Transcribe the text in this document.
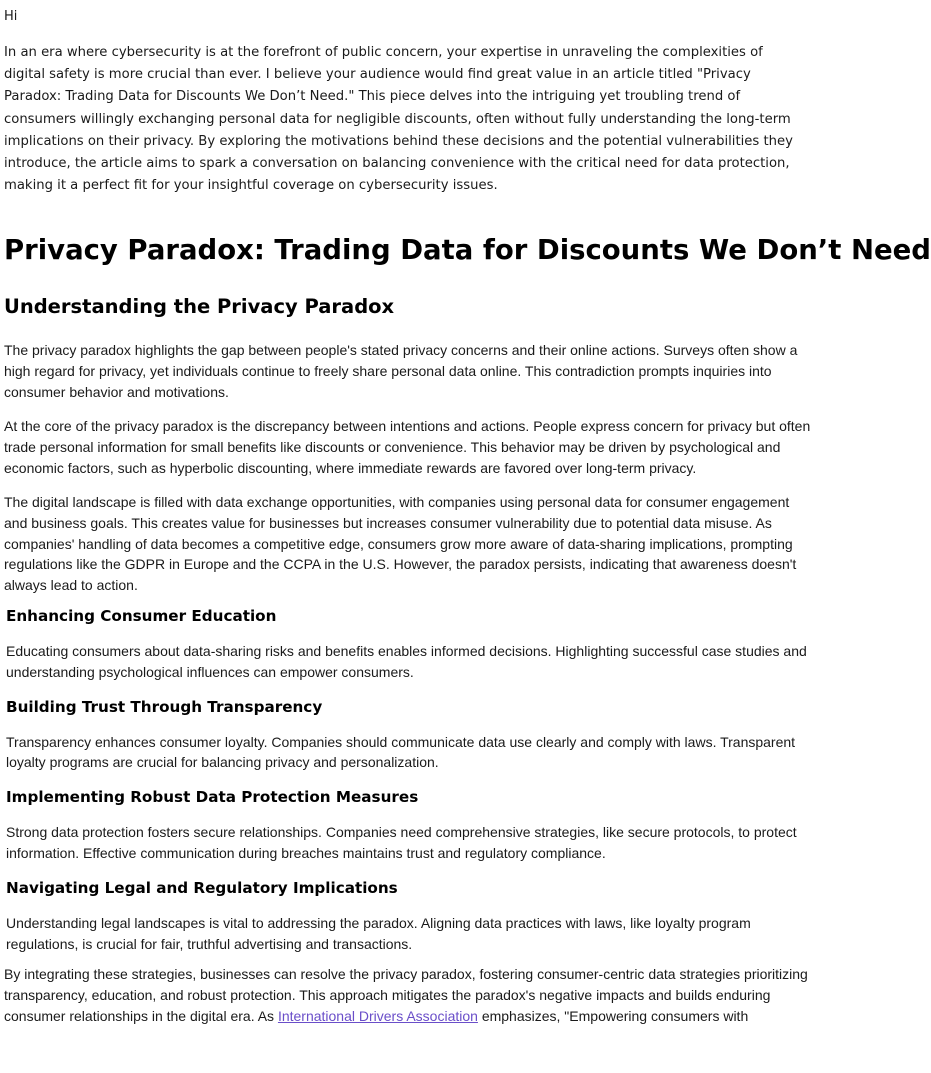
Hi

In an era where cybersecurity is at the forefront of public concern, your expertise in unraveling the complexities of digital safety is more crucial than ever. I believe your audience would find great value in an article titled "Privacy Paradox: Trading Data for Discounts We Don’t Need." This piece delves into the intriguing yet troubling trend of consumers willingly exchanging personal data for negligible discounts, often without fully understanding the long-term implications on their privacy. By exploring the motivations behind these decisions and the potential vulnerabilities they introduce, the article aims to spark a conversation on balancing convenience with the critical need for data protection, making it a perfect fit for your insightful coverage on cybersecurity issues.

Privacy Paradox: Trading Data for Discounts We Don’t Need
Understanding the Privacy Paradox

The privacy paradox highlights the gap between people's stated privacy concerns and their online actions. Surveys often show a high regard for privacy, yet individuals continue to freely share personal data online. This contradiction prompts inquiries into consumer behavior and motivations.

At the core of the privacy paradox is the discrepancy between intentions and actions. People express concern for privacy but often trade personal information for small benefits like discounts or convenience. This behavior may be driven by psychological and economic factors, such as hyperbolic discounting, where immediate rewards are favored over long-term privacy.

The digital landscape is filled with data exchange opportunities, with companies using personal data for consumer engagement and business goals. This creates value for businesses but increases consumer vulnerability due to potential data misuse. As companies' handling of data becomes a competitive edge, consumers grow more aware of data-sharing implications, prompting regulations like the GDPR in Europe and the CCPA in the U.S. However, the paradox persists, indicating that awareness doesn't always lead to action.

Enhancing Consumer Education

Educating consumers about data-sharing risks and benefits enables informed decisions. Highlighting successful case studies and understanding psychological influences can empower consumers.

Building Trust Through Transparency

Transparency enhances consumer loyalty. Companies should communicate data use clearly and comply with laws. Transparent loyalty programs are crucial for balancing privacy and personalization.

Implementing Robust Data Protection Measures

Strong data protection fosters secure relationships. Companies need comprehensive strategies, like secure protocols, to protect information. Effective communication during breaches maintains trust and regulatory compliance.

Navigating Legal and Regulatory Implications

Understanding legal landscapes is vital to addressing the paradox. Aligning data practices with laws, like loyalty program regulations, is crucial for fair, truthful advertising and transactions.

By integrating these strategies, businesses can resolve the privacy paradox, fostering consumer-centric data strategies prioritizing transparency, education, and robust protection. This approach mitigates the paradox's negative impacts and builds enduring consumer relationships in the digital era. As International Drivers Association emphasizes, "Empowering consumers with
